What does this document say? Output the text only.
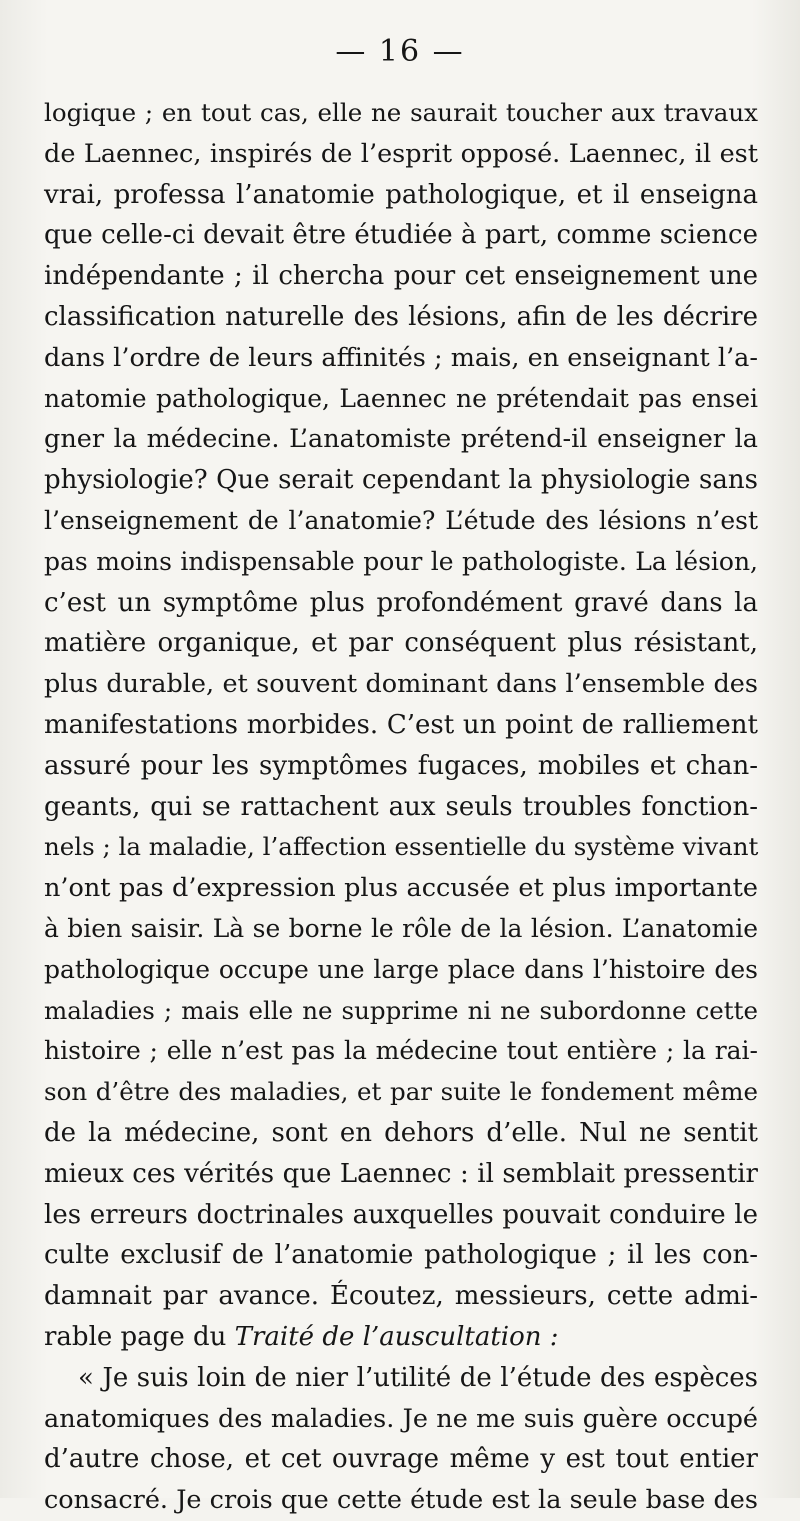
— 16 —
logique ; en tout cas, elle ne saurait toucher aux travaux
de Laennec, inspirés de l’esprit opposé. Laennec, il est
vrai, professa l’anatomie pathologique, et il enseigna
que celle-ci devait être étudiée à part, comme science
indépendante ; il chercha pour cet enseignement une
classification naturelle des lésions, afin de les décrire
dans l’ordre de leurs affinités ; mais, en enseignant l’a-
natomie pathologique, Laennec ne prétendait pas ensei
gner la médecine. L’anatomiste prétend-il enseigner la
physiologie? Que serait cependant la physiologie sans
l’enseignement de l’anatomie? L’étude des lésions n’est
pas moins indispensable pour le pathologiste. La lésion,
c’est un symptôme plus profondément gravé dans la
matière organique, et par conséquent plus résistant,
plus durable, et souvent dominant dans l’ensemble des
manifestations morbides. C’est un point de ralliement
assuré pour les symptômes fugaces, mobiles et chan-
geants, qui se rattachent aux seuls troubles fonction-
nels ; la maladie, l’affection essentielle du système vivant
n’ont pas d’expression plus accusée et plus importante
à bien saisir. Là se borne le rôle de la lésion. L’anatomie
pathologique occupe une large place dans l’histoire des
maladies ; mais elle ne supprime ni ne subordonne cette
histoire ; elle n’est pas la médecine tout entière ; la rai-
son d’être des maladies, et par suite le fondement même
de la médecine, sont en dehors d’elle. Nul ne sentit
mieux ces vérités que Laennec : il semblait pressentir
les erreurs doctrinales auxquelles pouvait conduire le
culte exclusif de l’anatomie pathologique ; il les con-
damnait par avance. Écoutez, messieurs, cette admi-
rable page du Traité de l’auscultation :
« Je suis loin de nier l’utilité de l’étude des espèces
anatomiques des maladies. Je ne me suis guère occupé
d’autre chose, et cet ouvrage même y est tout entier
consacré. Je crois que cette étude est la seule base des
